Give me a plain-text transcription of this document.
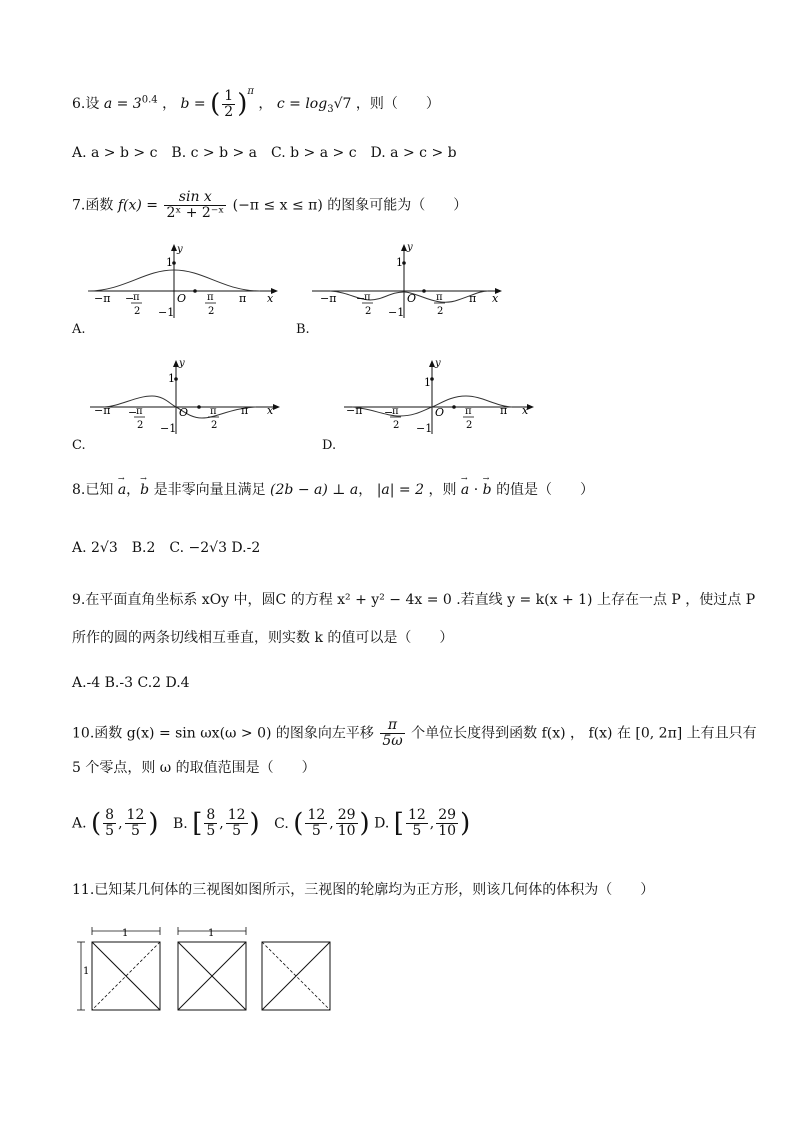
6.设 $a = 3^{0.4}$ ， b = ( $\frac{1}{2} )^\pi$ ， $c = \log_3√7$ ，则（　　）
A. a > b > c　B. c > b > a　C. b > a > c　D. a > c > b
7.函数 $f(x) = \frac{\text{sin x}}{\text{2ˣ + 2⁻ˣ}} (-\pi \le x \le \pi)$ 的图象可能为（　　）
1
y
O
−π	π x
−
π
2
π
2
−1
A.
1
y
O
−π	π x
−
π
2
π
2
−1
B.
1
y
O
−π	π x
−
π
2
π
2
−1
C.
1
y
O
−π	π x
−
π
2
π
2
−1
D.
8.已知 → a，→ b 是非零向量且满足 (2b − a) ⊥ a， |a| = 2 ，则 → a · → b 的值是（　　）
A. 2√3　B.2　C. −2√3 D.-2
9.在平面直角坐标系 xOy 中，圆C 的方程 x² + y² − 4x = 0 .若直线 y = k(x + 1) 上存在一点 P ，使过点 P
所作的圆的两条切线相互垂直，则实数 k 的值可以是（　　）
A.-4 B.-3 C.2 D.4
10.函数 g(x) = sin ωx(ω > 0) 的图象向左平移 $\frac{\pi}{5\omega}$ 个单位长度得到函数 f(x) ， f(x) 在 [0, 2π] 上有且只有
5 个零点，则 ω 的取值范围是（　　）
A. ( $\frac{8}{5}$ , $\frac{12}{5}$ ) B. [ $\frac{8}{5}$ , $\frac{12}{5}$ ) C. ( $\frac{12}{5}$ , $\frac{29}{10}$ ) D. [ $\frac{12}{5}$ , $\frac{29}{10}$ )
11.已知某几何体的三视图如图所示，三视图的轮廓均为正方形，则该几何体的体积为（　　）
1
1
1
